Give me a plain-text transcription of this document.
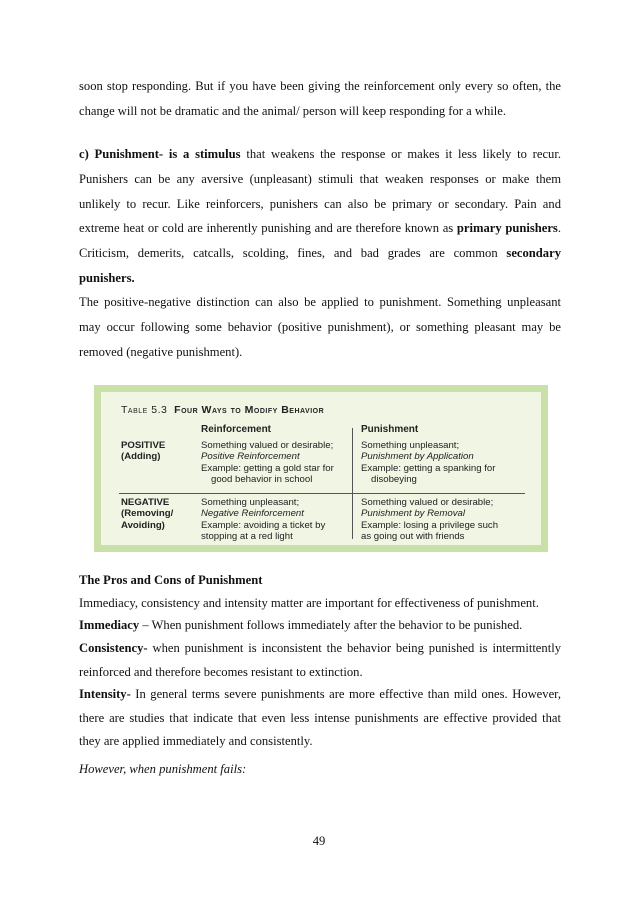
soon stop responding. But if you have been giving the reinforcement only every so often, the change will not be dramatic and the animal/ person will keep responding for a while.

c) Punishment- is a stimulus that weakens the response or makes it less likely to recur. Punishers can be any aversive (unpleasant) stimuli that weaken responses or make them unlikely to recur. Like reinforcers, punishers can also be primary or secondary. Pain and extreme heat or cold are inherently punishing and are therefore known as primary punishers. Criticism, demerits, catcalls, scolding, fines, and bad grades are common secondary punishers.

The positive-negative distinction can also be applied to punishment. Something unpleasant may occur following some behavior (positive punishment), or something pleasant may be removed (negative punishment).

Table 5.3 Four Ways to Modify Behavior
Reinforcement	Punishment
POSITIVE
(Adding)
Something valued or desirable;
Positive Reinforcement
Example: getting a gold star for
good behavior in school
Something unpleasant;
Punishment by Application
Example: getting a spanking for
disobeying
NEGATIVE
(Removing/
Avoiding)
Something unpleasant;
Negative Reinforcement
Example: avoiding a ticket by
stopping at a red light
Something valued or desirable;
Punishment by Removal
Example: losing a privilege such
as going out with friends

The Pros and Cons of Punishment

Immediacy, consistency and intensity matter are important for effectiveness of punishment.

Immediacy – When punishment follows immediately after the behavior to be punished.

Consistency- when punishment is inconsistent the behavior being punished is intermittently reinforced and therefore becomes resistant to extinction.

Intensity- In general terms severe punishments are more effective than mild ones. However, there are studies that indicate that even less intense punishments are effective provided that they are applied immediately and consistently.

However, when punishment fails:

49
